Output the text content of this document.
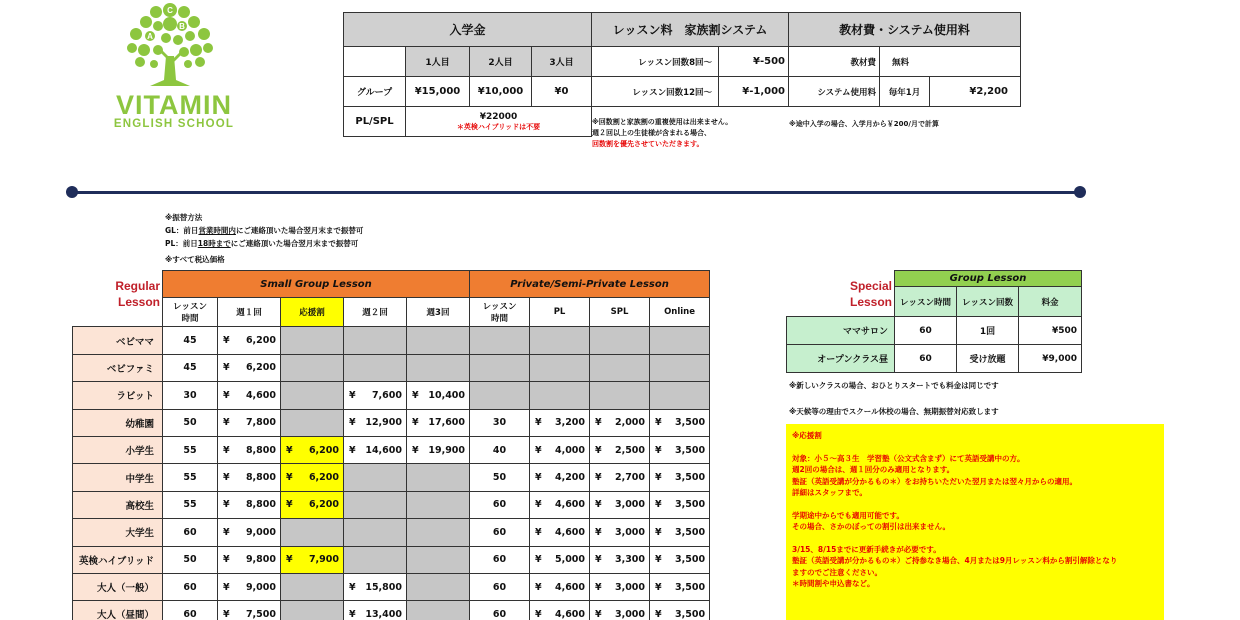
C
A
B
VITAMIN
ENGLISH SCHOOL
入学金				レッスン料　家族割システム		教材費・システム使用料		
	1人目	2人目	3人目	レッスン回数8回～	¥-500	教材費	無料	
グループ	¥15,000	¥10,000	¥0	レッスン回数12回～	¥-1,000	システム使用料	毎年1月	¥2,200
PL/SPL	¥22000
＊英検ハイブリッドは不要							
※回数割と家族割の重複使用は出来ません。
週２回以上の生徒様が含まれる場合、
回数割を優先させていただきます。
※途中入学の場合、入学月から￥200/月で計算
※振替方法
GL：前日営業時間内にご連絡頂いた場合翌月末まで振替可
PL：前日18時までにご連絡頂いた場合翌月末まで振替可
※すべて税込価格
Regular
Lesson
	Small Group Lesson					Private/Semi-Private Lesson			
	レッスン
時間	週１回	応援割	週２回	週3回	レッスン
時間	PL	SPL	Online
ベビママ	45	¥ 6,200							
ベビファミ	45	¥ 6,200							
ラビット	30	¥ 4,600		¥ 7,600	¥ 10,400				
幼稚園	50	¥ 7,800		¥ 12,900	¥ 17,600	30	¥ 3,200	¥ 2,000	¥ 3,500
小学生	55	¥ 8,800	¥ 6,200	¥ 14,600	¥ 19,900	40	¥ 4,000	¥ 2,500	¥ 3,500
中学生	55	¥ 8,800	¥ 6,200			50	¥ 4,200	¥ 2,700	¥ 3,500
高校生	55	¥ 8,800	¥ 6,200			60	¥ 4,600	¥ 3,000	¥ 3,500
大学生	60	¥ 9,000				60	¥ 4,600	¥ 3,000	¥ 3,500
英検ハイブリッド	50	¥ 9,800	¥ 7,900			60	¥ 5,000	¥ 3,300	¥ 3,500
大人（一般）	60	¥ 9,000		¥ 15,800		60	¥ 4,600	¥ 3,000	¥ 3,500
大人（昼間）	60	¥ 7,500		¥ 13,400		60	¥ 4,600	¥ 3,000	¥ 3,500
Special
Lesson
	Group Lesson		
	レッスン時間	レッスン回数	料金
ママサロン	60	1回	¥500
オープンクラス昼	60	受け放題	¥9,000
※新しいクラスの場合、おひとりスタートでも料金は同じです
※天候等の理由でスクール休校の場合、無期振替対応致します

※応援割

対象：小５～高３生　学習塾（公文式含まず）にて英語受講中の方。

週2回の場合は、週１回分のみ適用となります。

塾証（英語受講が分かるもの＊）をお持ちいただいた翌月または翌々月からの適用。

詳細はスタッフまで。

学期途中からでも適用可能です。

その場合、さかのぼっての割引は出来ません。

3/15、8/15までに更新手続きが必要です。

塾証（英語受講が分かるもの＊）ご持参なき場合、4月または9月レッスン料から割引解除となり

ますのでご注意ください。

＊時間割や申込書など。
